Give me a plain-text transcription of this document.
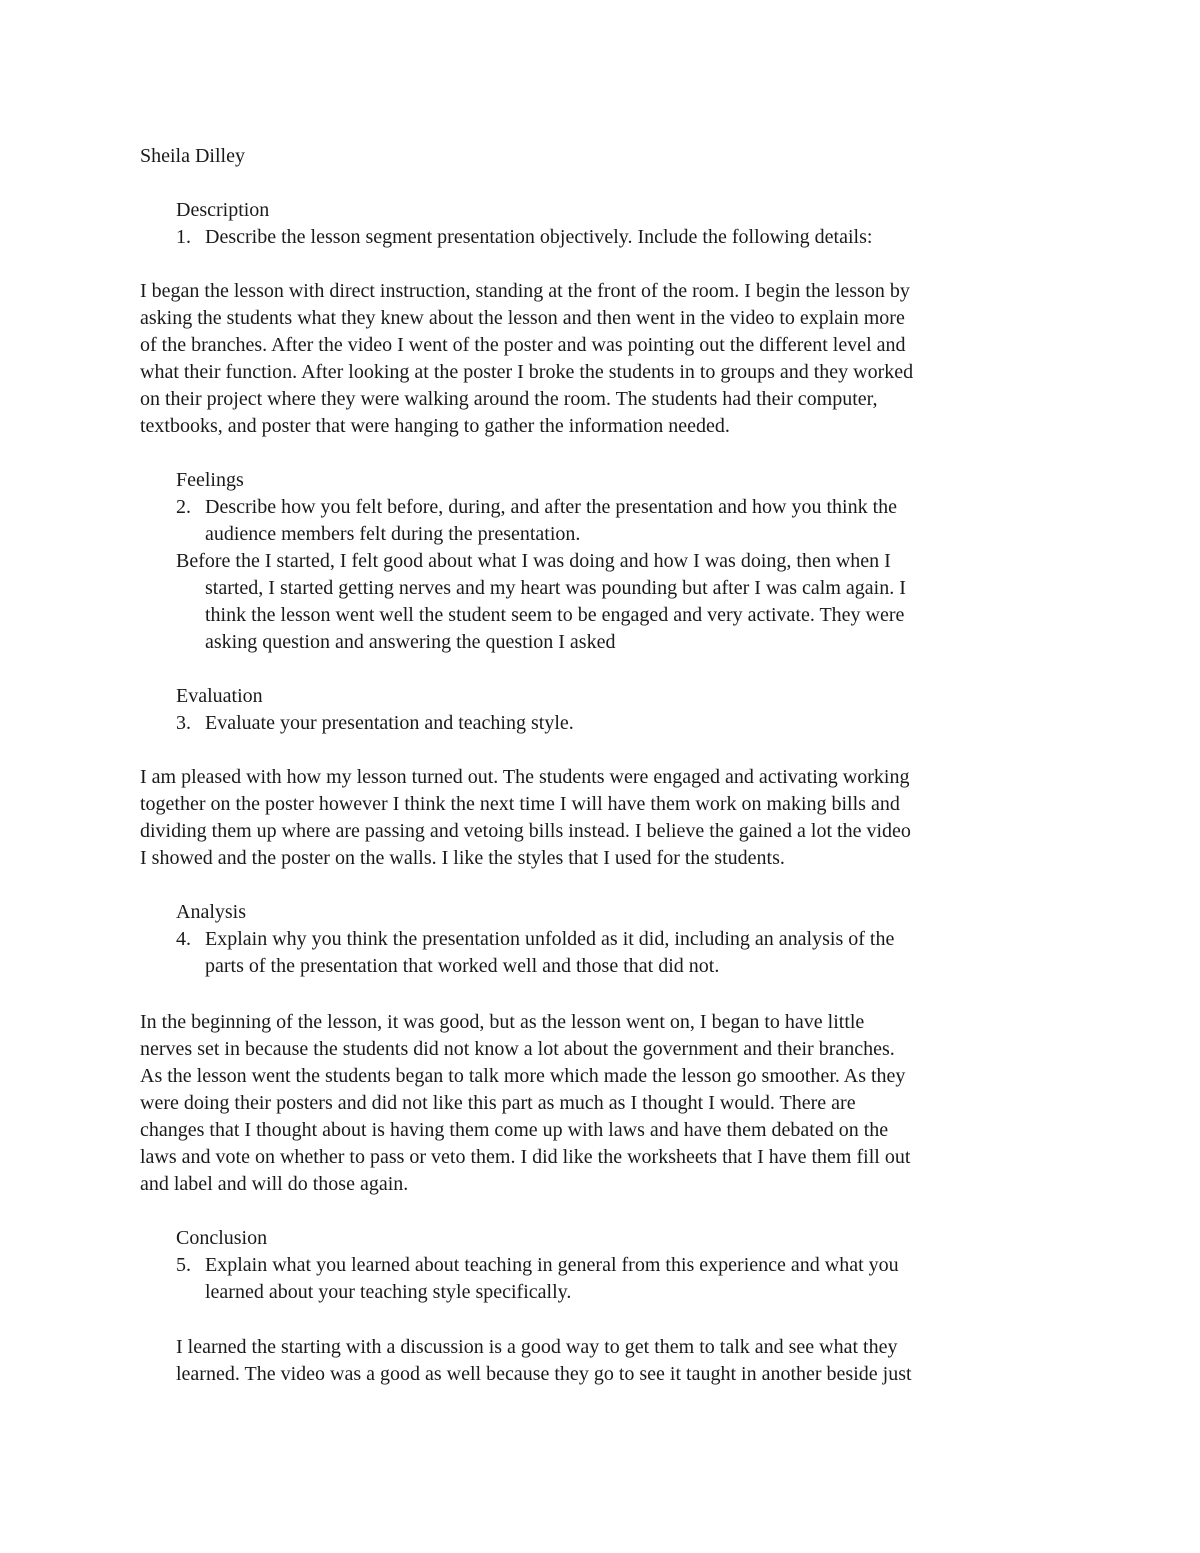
Sheila Dilley
Description
1. Describe the lesson segment presentation objectively. Include the following details:
I began the lesson with direct instruction, standing at the front of the room. I begin the lesson by
asking the students what they knew about the lesson and then went in the video to explain more
of the branches. After the video I went of the poster and was pointing out the different level and
what their function. After looking at the poster I broke the students in to groups and they worked
on their project where they were walking around the room. The students had their computer,
textbooks, and poster that were hanging to gather the information needed.
Feelings
2. Describe how you felt before, during, and after the presentation and how you think the
audience members felt during the presentation.
Before the I started, I felt good about what I was doing and how I was doing, then when I
started, I started getting nerves and my heart was pounding but after I was calm again. I
think the lesson went well the student seem to be engaged and very activate. They were
asking question and answering the question I asked
Evaluation
3. Evaluate your presentation and teaching style.
I am pleased with how my lesson turned out. The students were engaged and activating working
together on the poster however I think the next time I will have them work on making bills and
dividing them up where are passing and vetoing bills instead. I believe the gained a lot the video
I showed and the poster on the walls. I like the styles that I used for the students.
Analysis
4. Explain why you think the presentation unfolded as it did, including an analysis of the
parts of the presentation that worked well and those that did not.
In the beginning of the lesson, it was good, but as the lesson went on, I began to have little
nerves set in because the students did not know a lot about the government and their branches.
As the lesson went the students began to talk more which made the lesson go smoother. As they
were doing their posters and did not like this part as much as I thought I would. There are
changes that I thought about is having them come up with laws and have them debated on the
laws and vote on whether to pass or veto them. I did like the worksheets that I have them fill out
and label and will do those again.
Conclusion
5. Explain what you learned about teaching in general from this experience and what you
learned about your teaching style specifically.
I learned the starting with a discussion is a good way to get them to talk and see what they
learned. The video was a good as well because they go to see it taught in another beside just
